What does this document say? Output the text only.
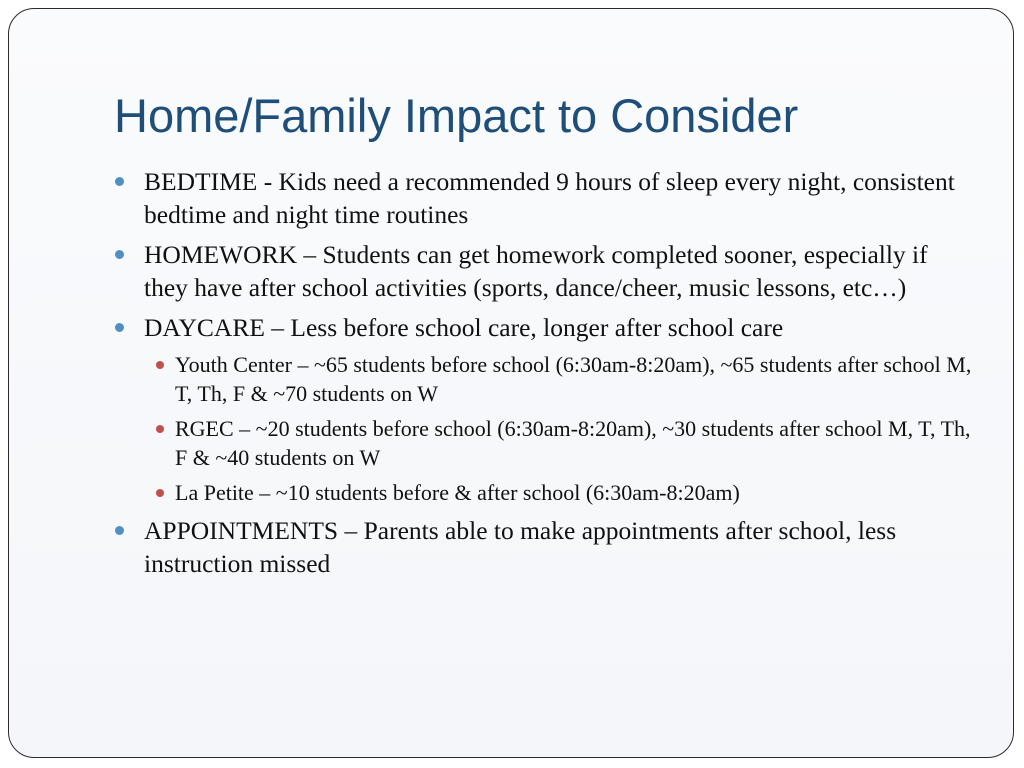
Home/Family Impact to Consider
BEDTIME - Kids need a recommended 9 hours of sleep every night, consistent bedtime and night time routines
HOMEWORK – Students can get homework completed sooner, especially if they have after school activities (sports, dance/cheer, music lessons, etc…)
DAYCARE – Less before school care, longer after school care
Youth Center – ~65 students before school (6:30am-8:20am), ~65 students after school M, T, Th, F & ~70 students on W
RGEC – ~20 students before school (6:30am-8:20am), ~30 students after school M, T, Th, F & ~40 students on W
La Petite – ~10 students before & after school (6:30am-8:20am)
APPOINTMENTS – Parents able to make appointments after school, less instruction missed
